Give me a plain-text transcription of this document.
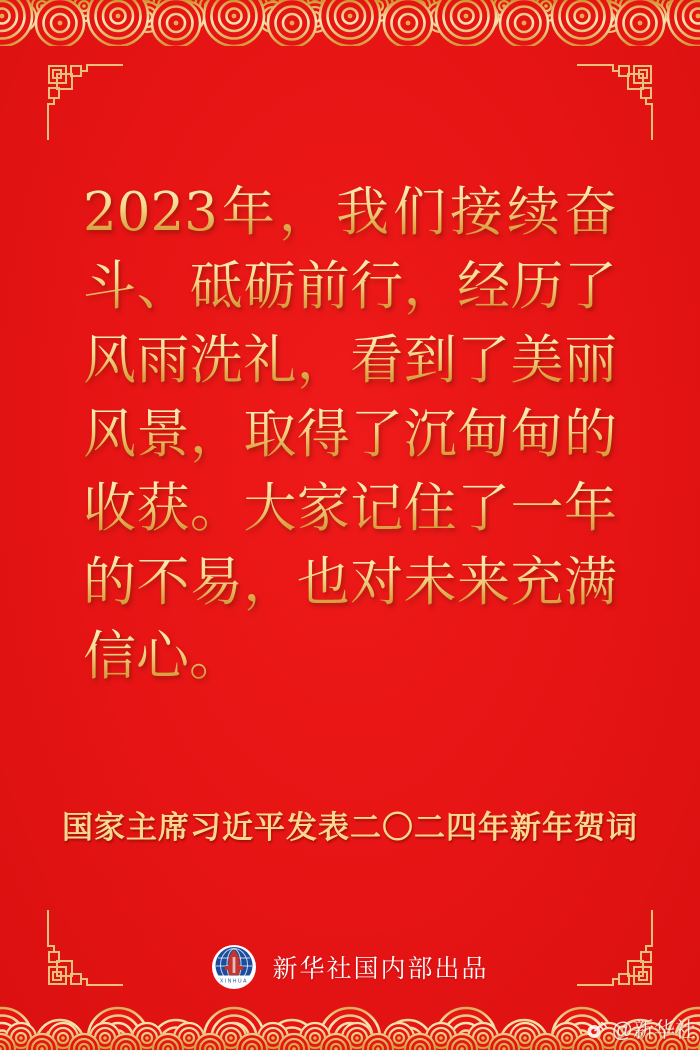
2023年，我们接续奋
斗、砥砺前行，经历了
风雨洗礼，看到了美丽
风景，取得了沉甸甸的
收获。大家记住了一年
的不易，也对未来充满
信心。
国家主席习近平发表二〇二四年新年贺词
XINHUA 新华社国内部出品
@新华社
